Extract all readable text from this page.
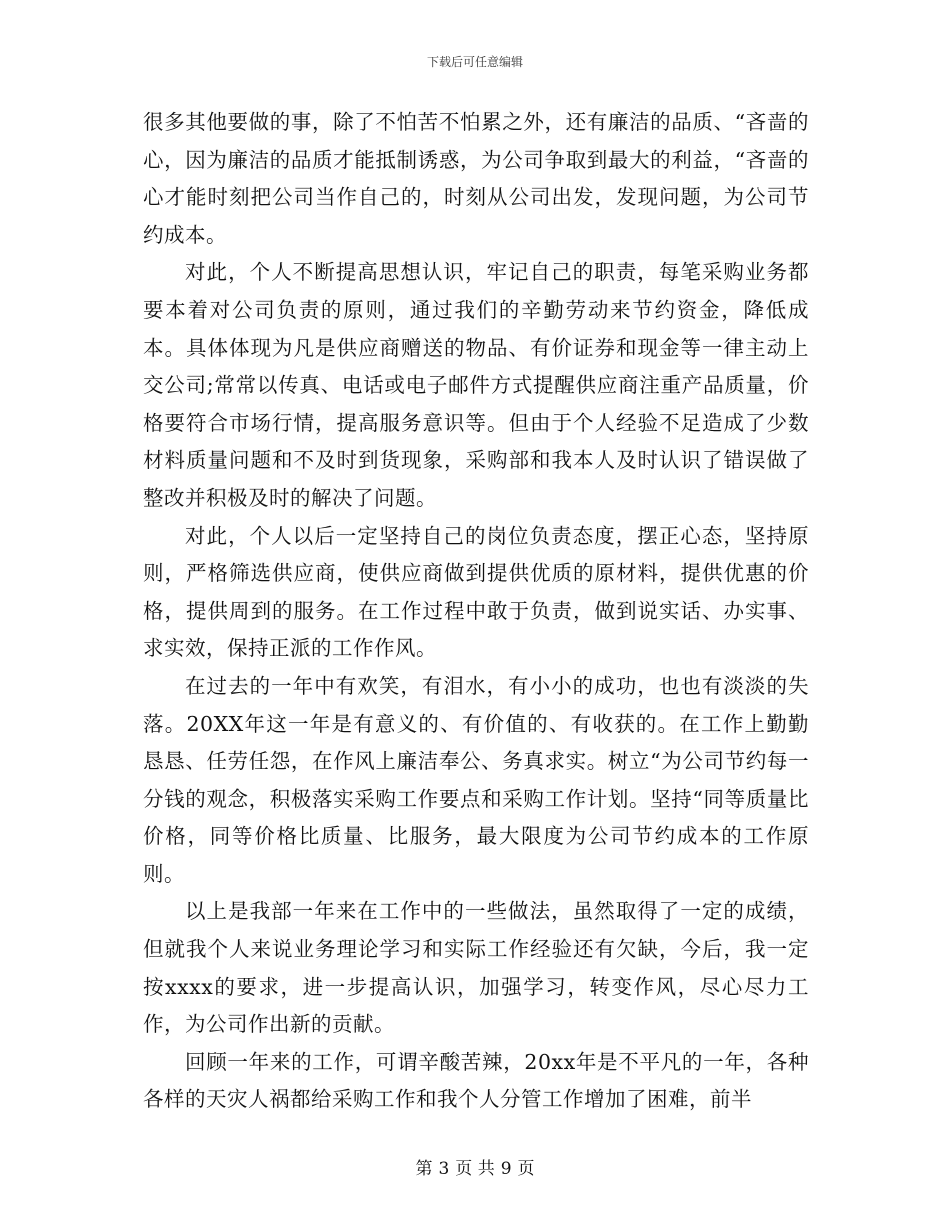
下载后可任意编辑

很多其他要做的事，除了不怕苦不怕累之外，还有廉洁的品质、“吝啬的心，因为廉洁的品质才能抵制诱惑，为公司争取到最大的利益，“吝啬的心才能时刻把公司当作自己的，时刻从公司出发，发现问题，为公司节约成本。

对此，个人不断提高思想认识，牢记自己的职责，每笔采购业务都要本着对公司负责的原则，通过我们的辛勤劳动来节约资金，降低成本。具体体现为凡是供应商赠送的物品、有价证券和现金等一律主动上交公司;常常以传真、电话或电子邮件方式提醒供应商注重产品质量，价格要符合市场行情，提高服务意识等。但由于个人经验不足造成了少数材料质量问题和不及时到货现象，采购部和我本人及时认识了错误做了整改并积极及时的解决了问题。

对此，个人以后一定坚持自己的岗位负责态度，摆正心态，坚持原则，严格筛选供应商，使供应商做到提供优质的原材料，提供优惠的价格，提供周到的服务。在工作过程中敢于负责，做到说实话、办实事、求实效，保持正派的工作作风。

在过去的一年中有欢笑，有泪水，有小小的成功，也也有淡淡的失落。20XX年这一年是有意义的、有价值的、有收获的。在工作上勤勤恳恳、任劳任怨，在作风上廉洁奉公、务真求实。树立“为公司节约每一分钱的观念，积极落实采购工作要点和采购工作计划。坚持“同等质量比价格，同等价格比质量、比服务，最大限度为公司节约成本的工作原则。

以上是我部一年来在工作中的一些做法，虽然取得了一定的成绩，但就我个人来说业务理论学习和实际工作经验还有欠缺，今后，我一定按xxxx的要求，进一步提高认识，加强学习，转变作风，尽心尽力工作，为公司作出新的贡献。

回顾一年来的工作，可谓辛酸苦辣，20xx年是不平凡的一年，各种各样的天灾人祸都给采购工作和我个人分管工作增加了困难，前半

第 3 页 共 9 页
